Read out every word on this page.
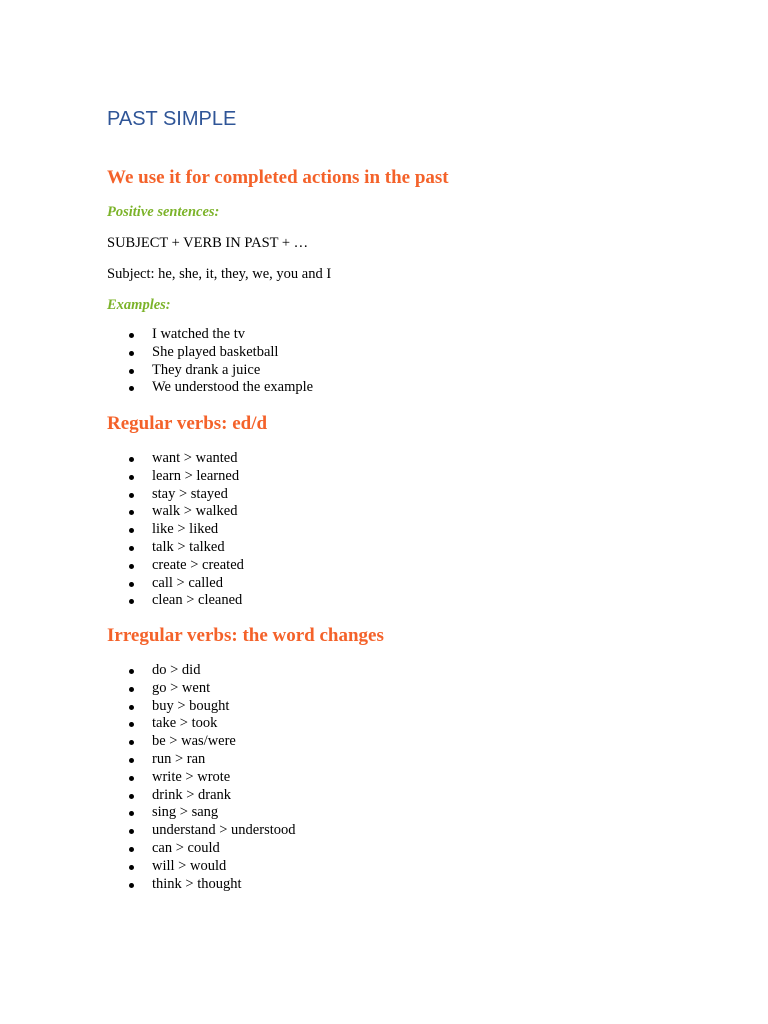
PAST SIMPLE
We use it for completed actions in the past

Positive sentences:

SUBJECT + VERB IN PAST + …

Subject: he, she, it, they, we, you and I

Examples:

I watched the tv
She played basketball
They drank a juice
We understood the example
Regular verbs: ed/d
want > wanted
learn > learned
stay > stayed
walk > walked
like > liked
talk > talked
create > created
call > called
clean > cleaned
Irregular verbs: the word changes
do > did
go > went
buy > bought
take > took
be > was/were
run > ran
write > wrote
drink > drank
sing > sang
understand > understood
can > could
will > would
think > thought
